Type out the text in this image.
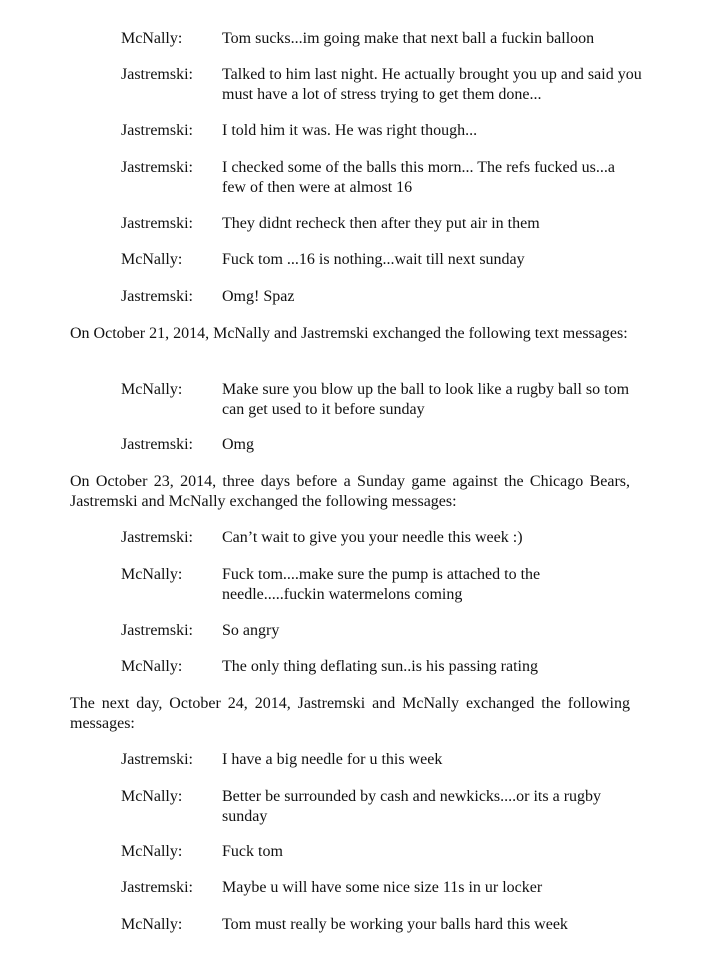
McNally: Tom sucks...im going make that next ball a fuckin balloon
Jastremski: Talked to him last night. He actually brought you up and said you must have a lot of stress trying to get them done...
Jastremski: I told him it was. He was right though...
Jastremski: I checked some of the balls this morn... The refs fucked us...a few of then were at almost 16
Jastremski: They didnt recheck then after they put air in them
McNally: Fuck tom ...16 is nothing...wait till next sunday
Jastremski: Omg! Spaz
On October 21, 2014, McNally and Jastremski exchanged the following text messages:
McNally: Make sure you blow up the ball to look like a rugby ball so tom can get used to it before sunday
Jastremski: Omg
On October 23, 2014, three days before a Sunday game against the Chicago Bears, Jastremski and McNally exchanged the following messages:
Jastremski: Can’t wait to give you your needle this week :)
McNally: Fuck tom....make sure the pump is attached to the needle.....fuckin watermelons coming
Jastremski: So angry
McNally: The only thing deflating sun..is his passing rating
The next day, October 24, 2014, Jastremski and McNally exchanged the following messages:
Jastremski: I have a big needle for u this week
McNally: Better be surrounded by cash and newkicks....or its a rugby sunday
McNally: Fuck tom
Jastremski: Maybe u will have some nice size 11s in ur locker
McNally: Tom must really be working your balls hard this week
